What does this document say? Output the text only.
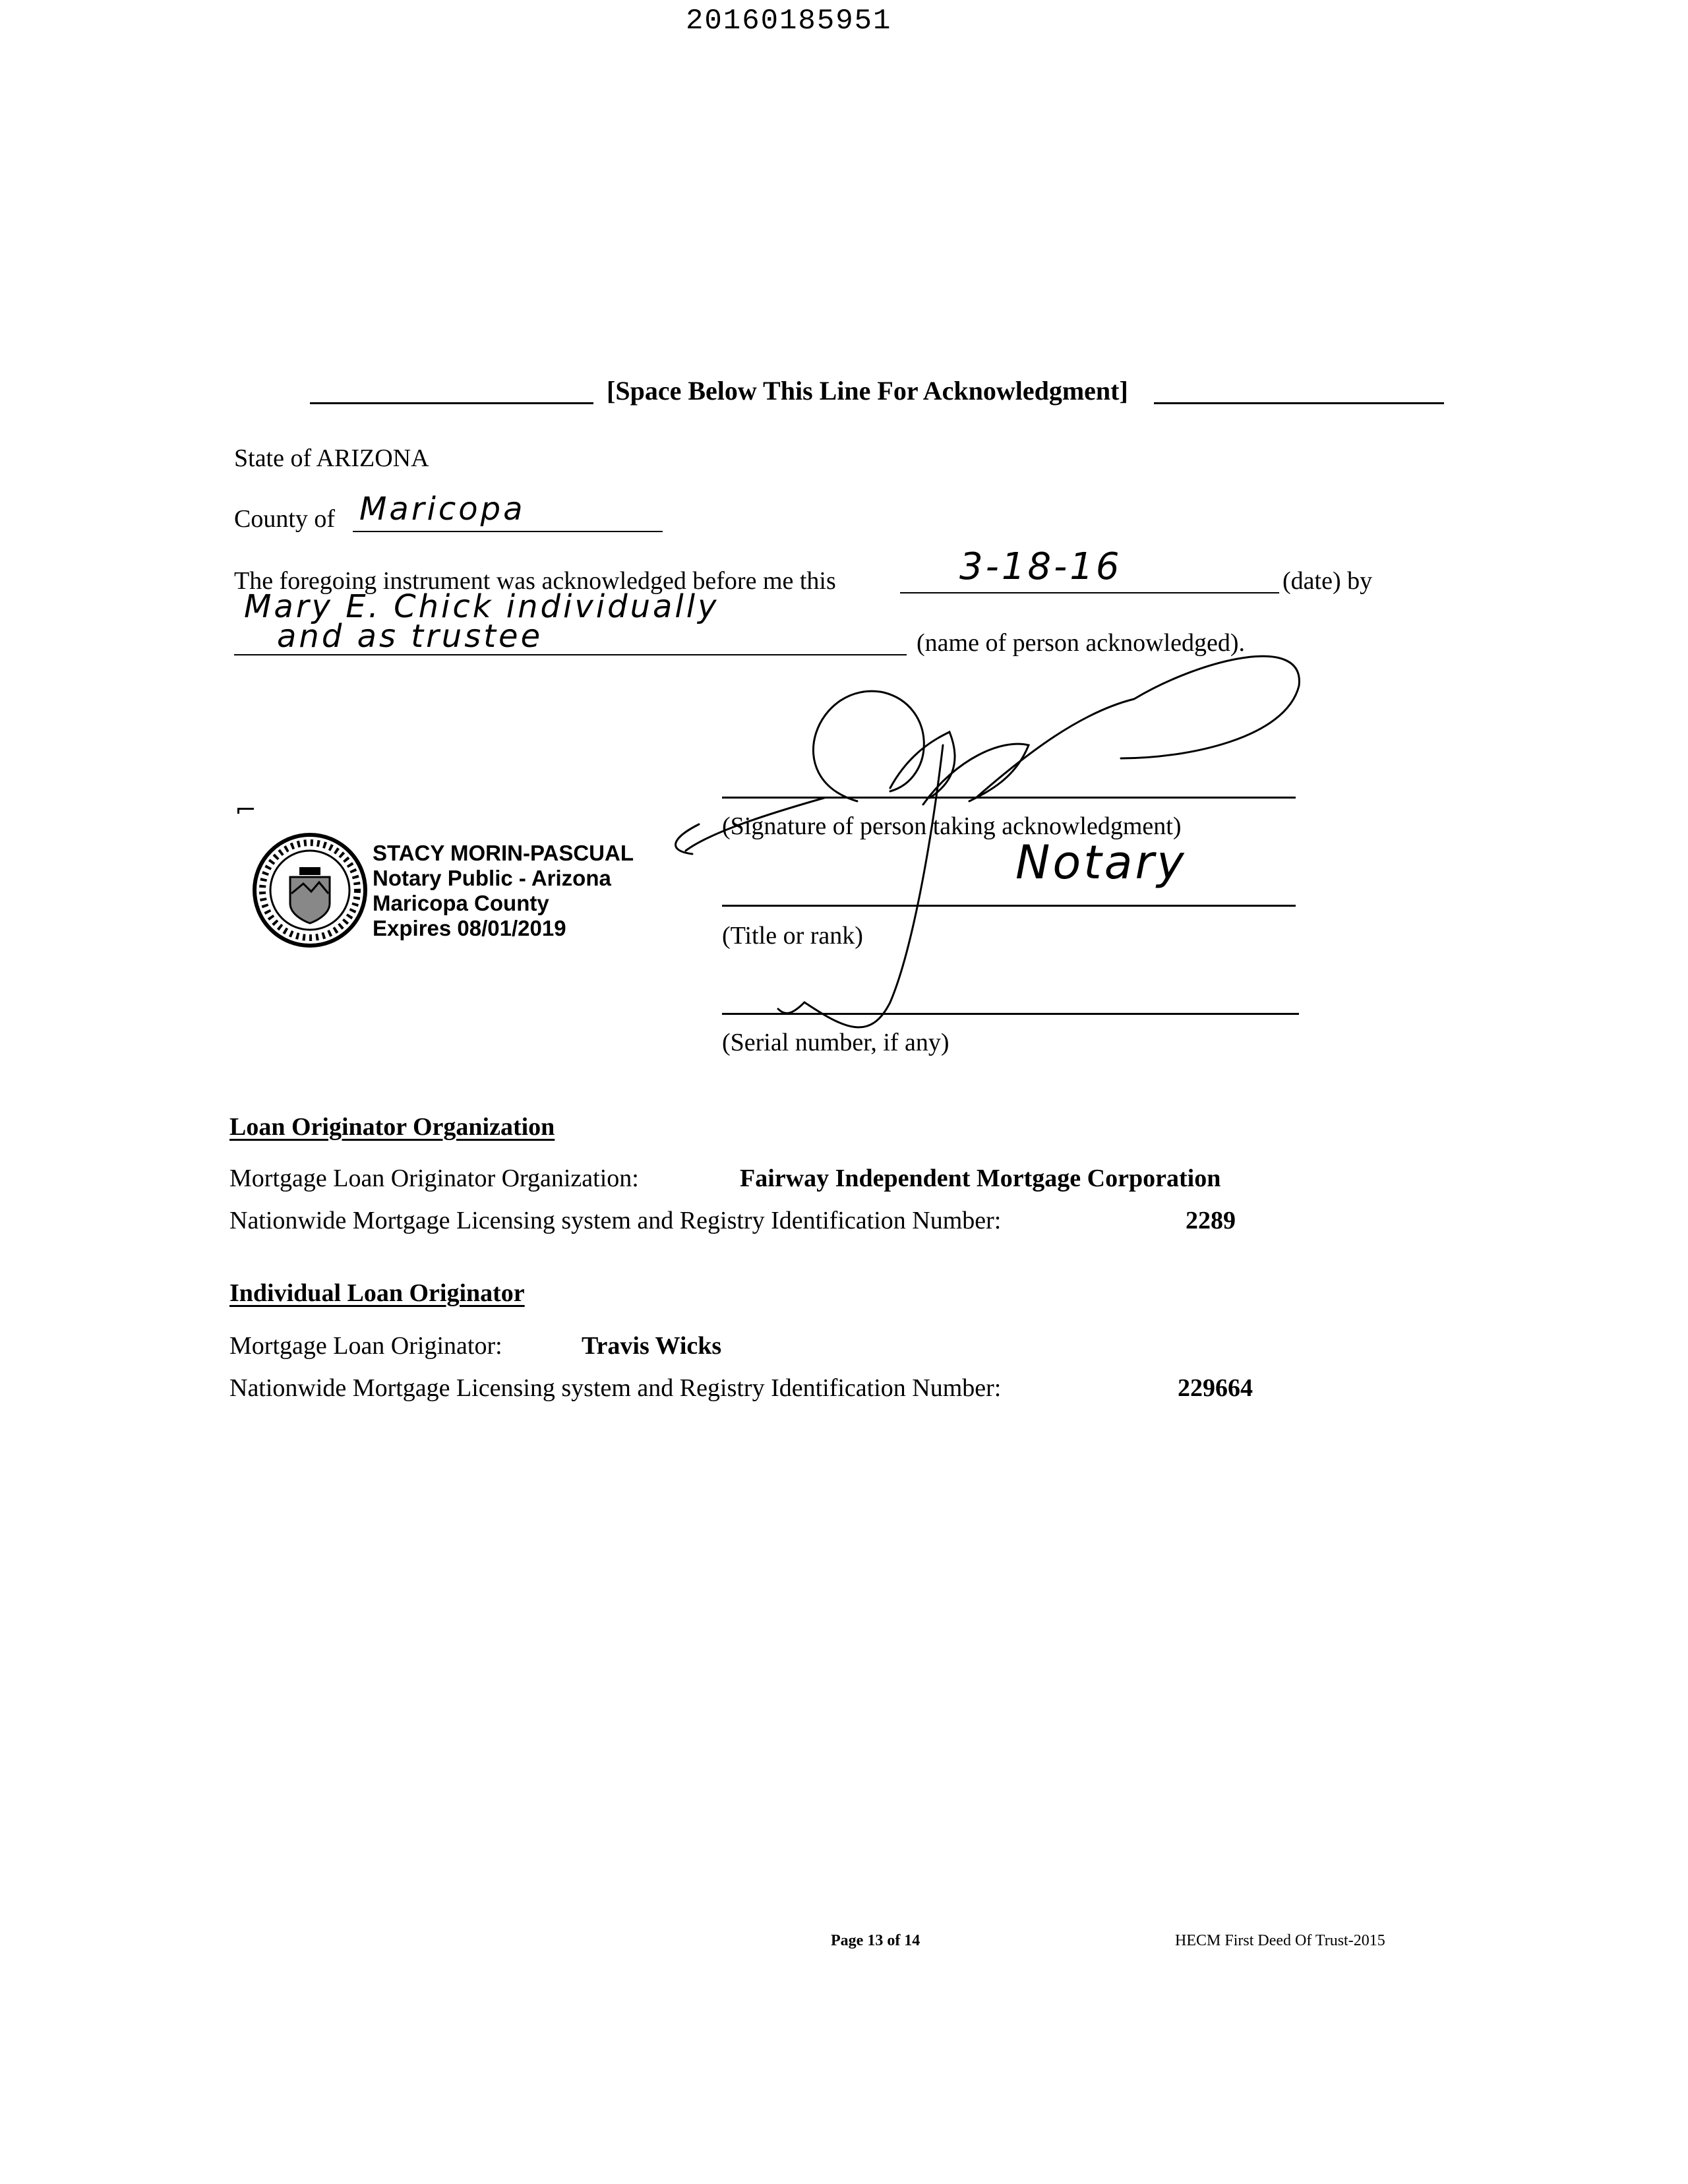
20160185951
[Space Below This Line For Acknowledgment]
State of ARIZONA
County of Maricopa
The foregoing instrument was acknowledged before me this	3-18-16	(date) by
Mary E. Chick individually
and as trustee	(name of person acknowledged).
(Signature of person taking acknowledgment)
Notary
(Title or rank)
(Serial number, if any)
STACY MORIN-PASCUAL
Notary Public - Arizona
Maricopa County
Expires 08/01/2019
Loan Originator Organization
Mortgage Loan Originator Organization:	Fairway Independent Mortgage Corporation
Nationwide Mortgage Licensing system and Registry Identification Number:	2289
Individual Loan Originator
Mortgage Loan Originator:	Travis Wicks
Nationwide Mortgage Licensing system and Registry Identification Number:	229664
Page 13 of 14	HECM First Deed Of Trust-2015
